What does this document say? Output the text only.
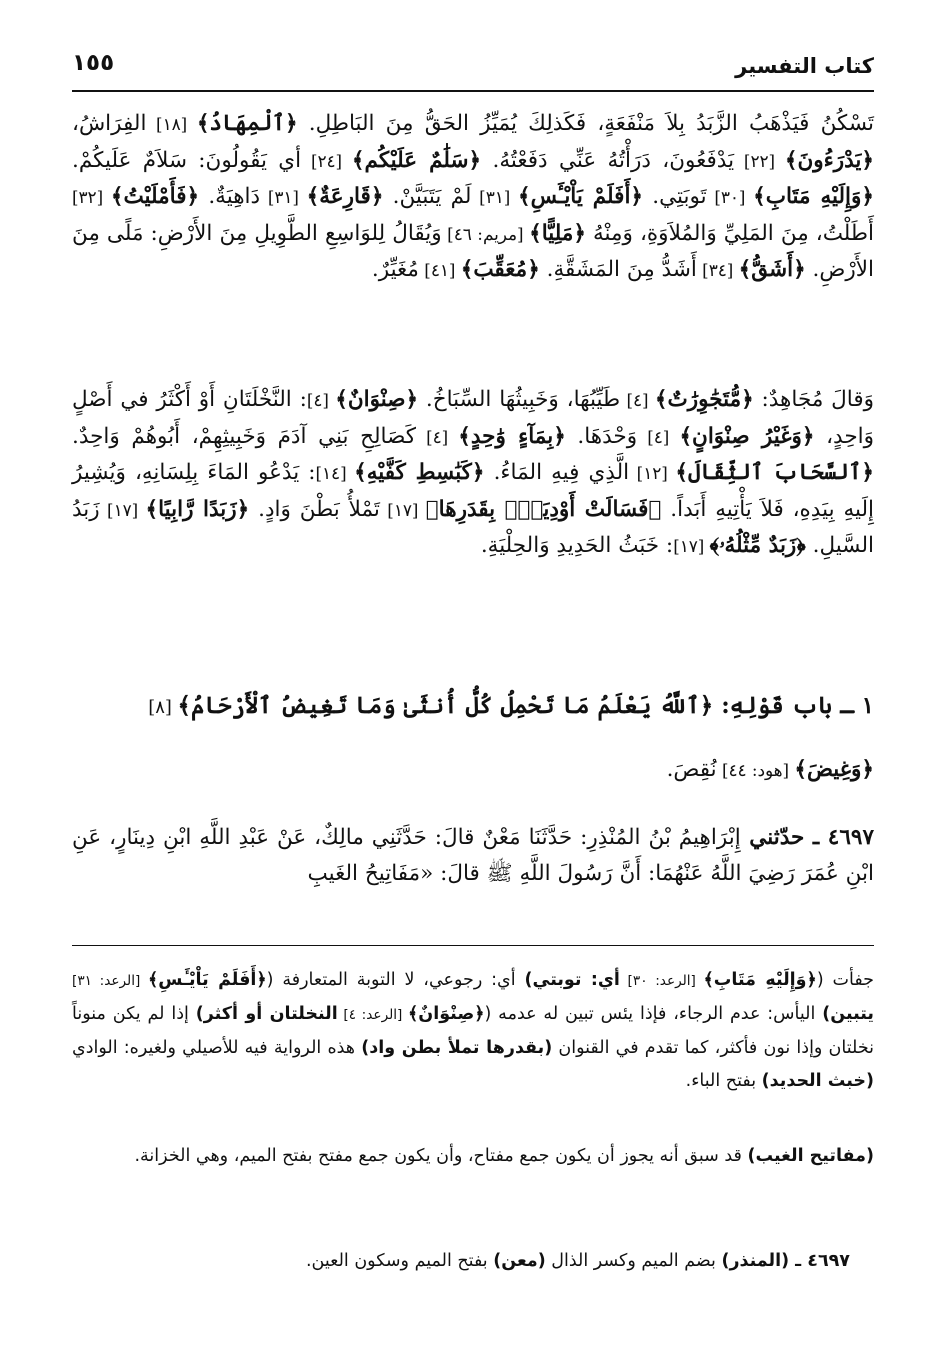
كتاب التفسير
١٥٥

تَسْكُنُ فَيَذْهَبُ الزَّبَدُ بِلاَ مَنْفَعَةٍ، فَكَذلِكَ يُمَيِّزُ الحَقُّ مِنَ البَاطِلِ. ﴿ٱلْمِهَادُ﴾ [١٨] الفِرَاشُ، ﴿يَدْرَءُونَ﴾ [٢٢] يَدْفَعُونَ، دَرَأْتُهُ عَنِّي دَفَعْتُهُ. ﴿سَلَٰمٌ عَلَيْكُم﴾ [٢٤] أي يَقُولُونَ: سَلاَمٌ عَلَيكُمْ. ﴿وَإِلَيْهِ مَتَابِ﴾ [٣٠] تَوبَتِي. ﴿أَفَلَمْ يَاْيْـَٔسِ﴾ [٣١] لَمْ يَتَبَيَّنْ. ﴿قَارِعَةٌ﴾ [٣١] دَاهِيَةٌ. ﴿فَأَمْلَيْتُ﴾ [٣٢] أَطَلْتُ، مِنَ المَلِيِّ وَالمُلاَوَةِ، وَمِنْهُ ﴿مَلِيًّا﴾ [مريم: ٤٦] وَيُقَالُ لِلوَاسِعِ الطَّوِيلِ مِنَ الأَرْضِ: مَلًى مِنَ الأَرْضِ. ﴿أَشَقُّ﴾ [٣٤] أَشَدُّ مِنَ المَشَقَّةِ. ﴿مُعَقِّبَ﴾ [٤١] مُغَيِّرٌ.

وَقالَ مُجَاهِدٌ: ﴿مُّتَجَٰوِرَٰتٌ﴾ [٤] طَيِّبُهَا، وَخَبِيثُهَا السِّبَاخُ. ﴿صِنْوَانٌ﴾ [٤]: النَّخْلَتَانِ أَوْ أَكْثَرُ في أَصْلٍ وَاحِدٍ، ﴿وَغَيْرُ صِنْوَانٍ﴾ [٤] وَحْدَهَا. ﴿بِمَآءٍ وَٰحِدٍ﴾ [٤] كَصَالِحِ بَنِي آدَمَ وَخَبِيثِهِمْ، أَبُوهُمْ وَاحِدٌ. ﴿ٱلسَّحَابَ ٱلثِّقَالَ﴾ [١٢] الَّذِي فِيهِ المَاءُ. ﴿كَبَٰسِطِ كَفَّيْهِ﴾ [١٤]: يَدْعُو المَاءَ بِلِسَانِهِ، وَيُشِيرُ إِلَيهِ بِيَدِهِ، فَلاَ يَأْتِيهِ أَبَداً. ﴿فَسَالَتْ أَوْدِيَةٌۢ بِقَدَرِهَا﴾ [١٧] تَمْلأُ بَطْنَ وَادٍ. ﴿زَبَدًا رَّابِيًا﴾ [١٧] زَبَدُ السَّيلِ. ﴿زَبَدٌ مِّثْلُهُۥ﴾ [١٧]: خَبَثُ الحَدِيدِ وَالحِلْيَةِ.

١ ـ باب قَوْلِهِ: ﴿ٱللَّهُ يَعْلَمُ مَا تَحْمِلُ كُلُّ أُنثَىٰ وَمَا تَغِيضُ ٱلْأَرْحَامُ﴾ [٨]

﴿وَغِيضَ﴾ [هود: ٤٤] نُقِصَ.

٤٦٩٧ ـ حدّثني إِبْرَاهِيمُ بْنُ المُنْذِرِ: حَدَّثَنَا مَعْنٌ قالَ: حَدَّثَنِي مالِكٌ، عَنْ عَبْدِ اللَّهِ ابْنِ دِينَارٍ، عَنِ ابْنِ عُمَرَ رَضِيَ اللَّهُ عَنْهُمَا: أَنَّ رَسُولَ اللَّهِ ﷺ قالَ: «مَفَاتِيحُ الغَيبِ

جفأت (﴿وَإِلَيْهِ مَتَابِ﴾ [الرعد: ٣٠] أي: توبتي) أي: رجوعي، لا التوبة المتعارفة (﴿أَفَلَمْ يَاْيْـَٔسِ﴾ [الرعد: ٣١] يتبين) اليأس: عدم الرجاء، فإذا يئس تبين له عدمه (﴿صِنْوَانٌ﴾ [الرعد: ٤] النخلتان أو أكثر) إذا لم يكن منوناً نخلتان وإذا نون فأكثر، كما تقدم في القنوان (بقدرها تملأ بطن واد) هذه الرواية فيه للأصيلي ولغيره: الوادي (خبث الحديد) بفتح الباء.

(مفاتيح الغيب) قد سبق أنه يجوز أن يكون جمع مفتاح، وأن يكون جمع مفتح بفتح الميم، وهي الخزانة.

٤٦٩٧ ـ (المنذر) بضم الميم وكسر الذال (معن) بفتح الميم وسكون العين.
